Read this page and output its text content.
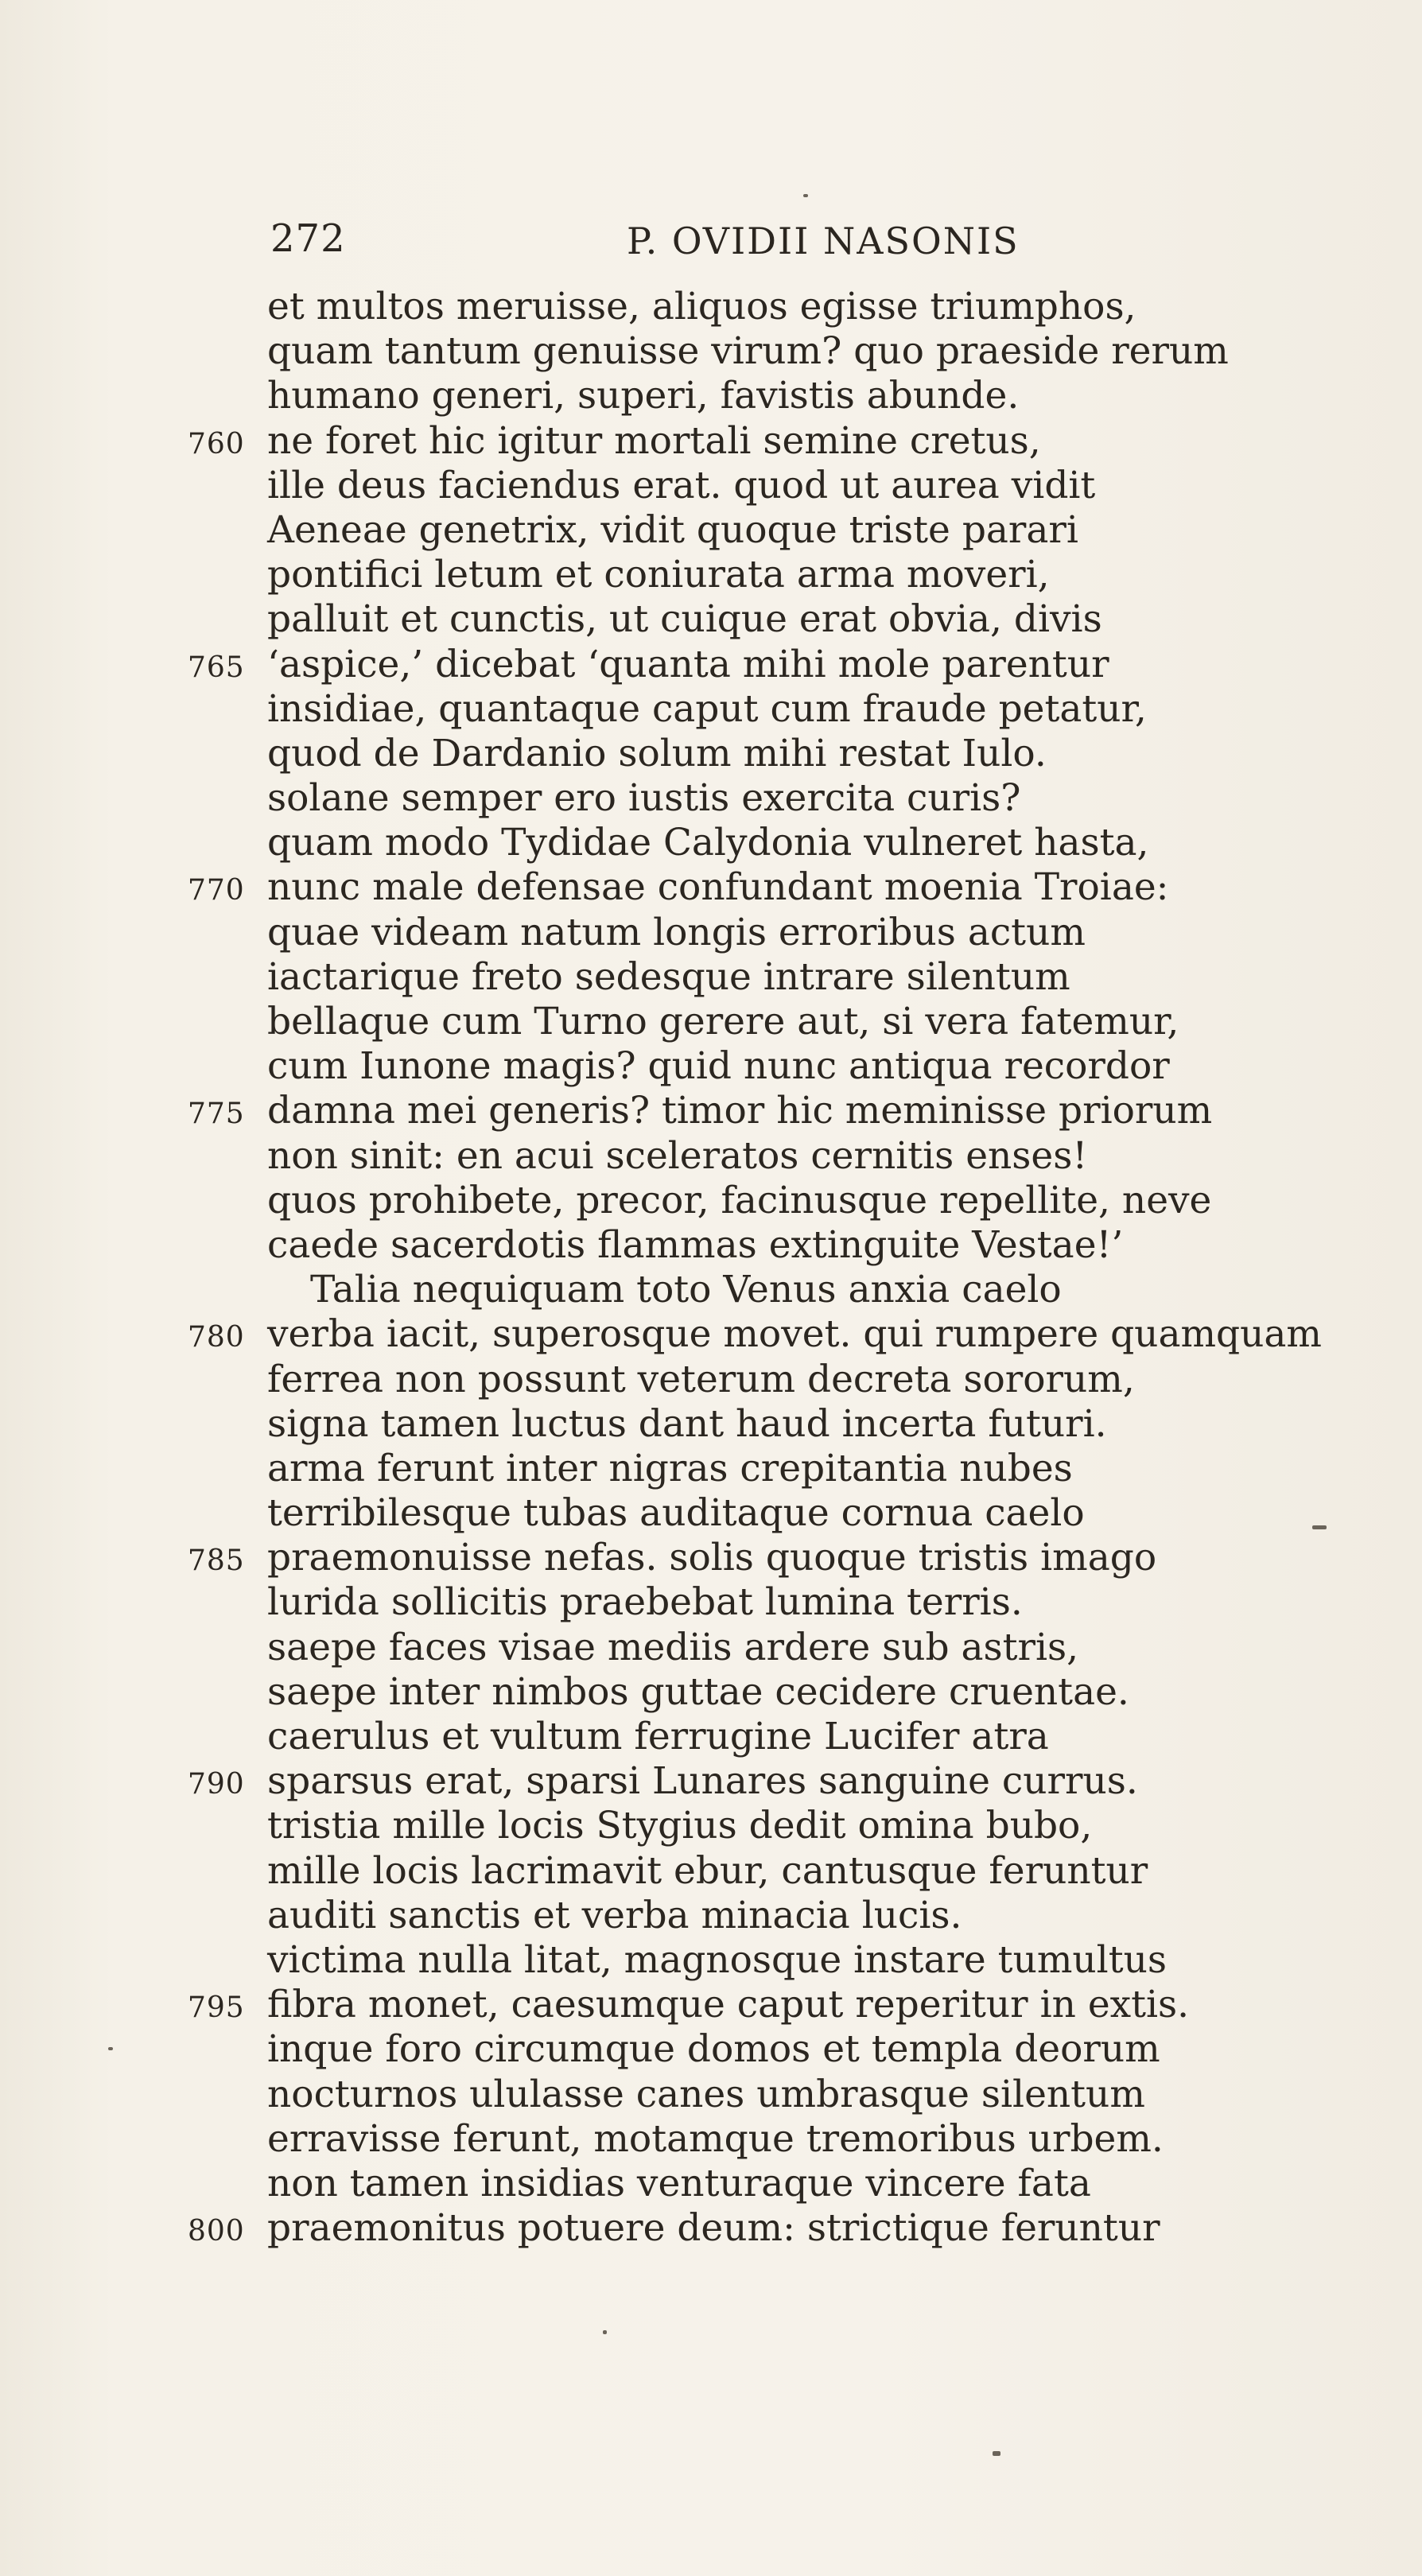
272	P. OVIDII NASONIS
et multos meruisse, aliquos egisse triumphos,
quam tantum genuisse virum? quo praeside rerum
humano generi, superi, favistis abunde.
760 ne foret hic igitur mortali semine cretus,
ille deus faciendus erat. quod ut aurea vidit
Aeneae genetrix, vidit quoque triste parari
pontifici letum et coniurata arma moveri,
palluit et cunctis, ut cuique erat obvia, divis
765 ‘aspice,’ dicebat ‘quanta mihi mole parentur
insidiae, quantaque caput cum fraude petatur,
quod de Dardanio solum mihi restat Iulo.
solane semper ero iustis exercita curis?
quam modo Tydidae Calydonia vulneret hasta,
770 nunc male defensae confundant moenia Troiae:
quae videam natum longis erroribus actum
iactarique freto sedesque intrare silentum
bellaque cum Turno gerere aut, si vera fatemur,
cum Iunone magis? quid nunc antiqua recordor
775 damna mei generis? timor hic meminisse priorum
non sinit: en acui sceleratos cernitis enses!
quos prohibete, precor, facinusque repellite, neve
caede sacerdotis flammas extinguite Vestae!’
Talia nequiquam toto Venus anxia caelo
780 verba iacit, superosque movet. qui rumpere quamquam
ferrea non possunt veterum decreta sororum,
signa tamen luctus dant haud incerta futuri.
arma ferunt inter nigras crepitantia nubes
terribilesque tubas auditaque cornua caelo
785 praemonuisse nefas. solis quoque tristis imago
lurida sollicitis praebebat lumina terris.
saepe faces visae mediis ardere sub astris,
saepe inter nimbos guttae cecidere cruentae.
caerulus et vultum ferrugine Lucifer atra
790 sparsus erat, sparsi Lunares sanguine currus.
tristia mille locis Stygius dedit omina bubo,
mille locis lacrimavit ebur, cantusque feruntur
auditi sanctis et verba minacia lucis.
victima nulla litat, magnosque instare tumultus
795 fibra monet, caesumque caput reperitur in extis.
inque foro circumque domos et templa deorum
nocturnos ululasse canes umbrasque silentum
erravisse ferunt, motamque tremoribus urbem.
non tamen insidias venturaque vincere fata
800 praemonitus potuere deum: strictique feruntur
